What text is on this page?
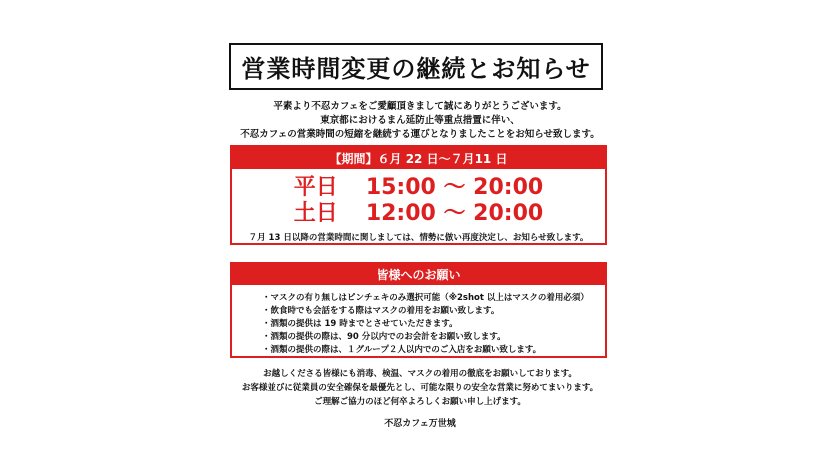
営業時間変更の継続とお知らせ
平素より不忍カフェをご愛顧頂きまして誠にありがとうございます。
東京都におけるまん延防止等重点措置に伴い、
不忍カフェの営業時間の短縮を継続する運びとなりましたことをお知らせ致します。
【期間】６月 22 日～７月11 日
平日 15:00 〜 20:00
土日 12:00 〜 20:00
７月 13 日以降の営業時間に関しましては、情勢に倣い再度決定し、お知らせ致します。
皆様へのお願い
・マスクの有り無しはピンチェキのみ選択可能（※2shot 以上はマスクの着用必須）
・飲食時でも会話をする際はマスクの着用をお願い致します。
・酒類の提供は 19 時までとさせていただきます。
・酒類の提供の際は、90 分以内でのお会計をお願い致します。
・酒類の提供の際は、１グループ２人以内でのご入店をお願い致します。
お越しくださる皆様にも消毒、検温、マスクの着用の徹底をお願いしております。
お客様並びに従業員の安全確保を最優先とし、可能な限りの安全な営業に努めてまいります。
ご理解ご協力のほど何卒よろしくお願い申し上げます。
不忍カフェ万世城
